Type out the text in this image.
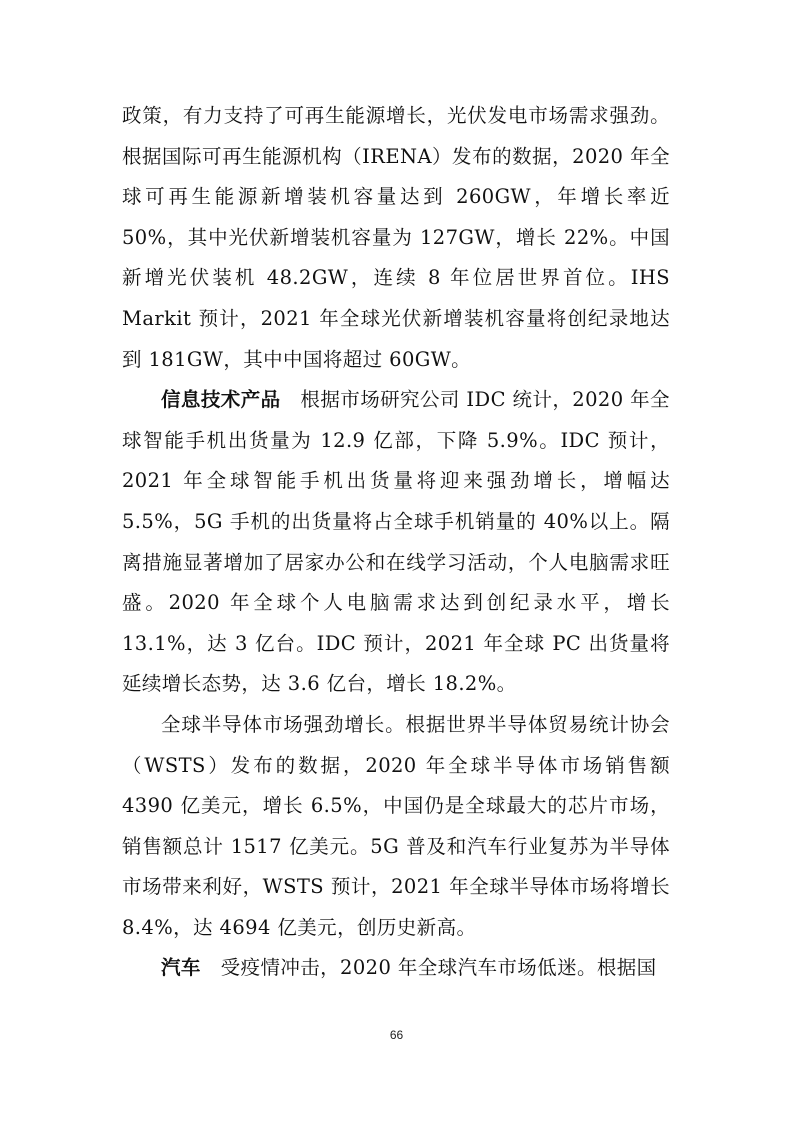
政策，有力支持了可再生能源增长，光伏发电市场需求强劲。根据国际可再生能源机构（IRENA）发布的数据，2020 年全球可再生能源新增装机容量达到 260GW，年增长率近 50%，其中光伏新增装机容量为 127GW，增长 22%。中国新增光伏装机 48.2GW，连续 8 年位居世界首位。IHS Markit 预计，2021 年全球光伏新增装机容量将创纪录地达到 181GW，其中中国将超过 60GW。

信息技术产品 根据市场研究公司 IDC 统计，2020 年全球智能手机出货量为 12.9 亿部，下降 5.9%。IDC 预计，2021 年全球智能手机出货量将迎来强劲增长，增幅达 5.5%，5G 手机的出货量将占全球手机销量的 40%以上。隔离措施显著增加了居家办公和在线学习活动，个人电脑需求旺盛。2020 年全球个人电脑需求达到创纪录水平，增长 13.1%，达 3 亿台。IDC 预计，2021 年全球 PC 出货量将延续增长态势，达 3.6 亿台，增长 18.2%。

全球半导体市场强劲增长。根据世界半导体贸易统计协会（WSTS）发布的数据，2020 年全球半导体市场销售额 4390 亿美元，增长 6.5%，中国仍是全球最大的芯片市场，销售额总计 1517 亿美元。5G 普及和汽车行业复苏为半导体市场带来利好，WSTS 预计，2021 年全球半导体市场将增长 8.4%，达 4694 亿美元，创历史新高。

汽车 受疫情冲击，2020 年全球汽车市场低迷。根据国

66
